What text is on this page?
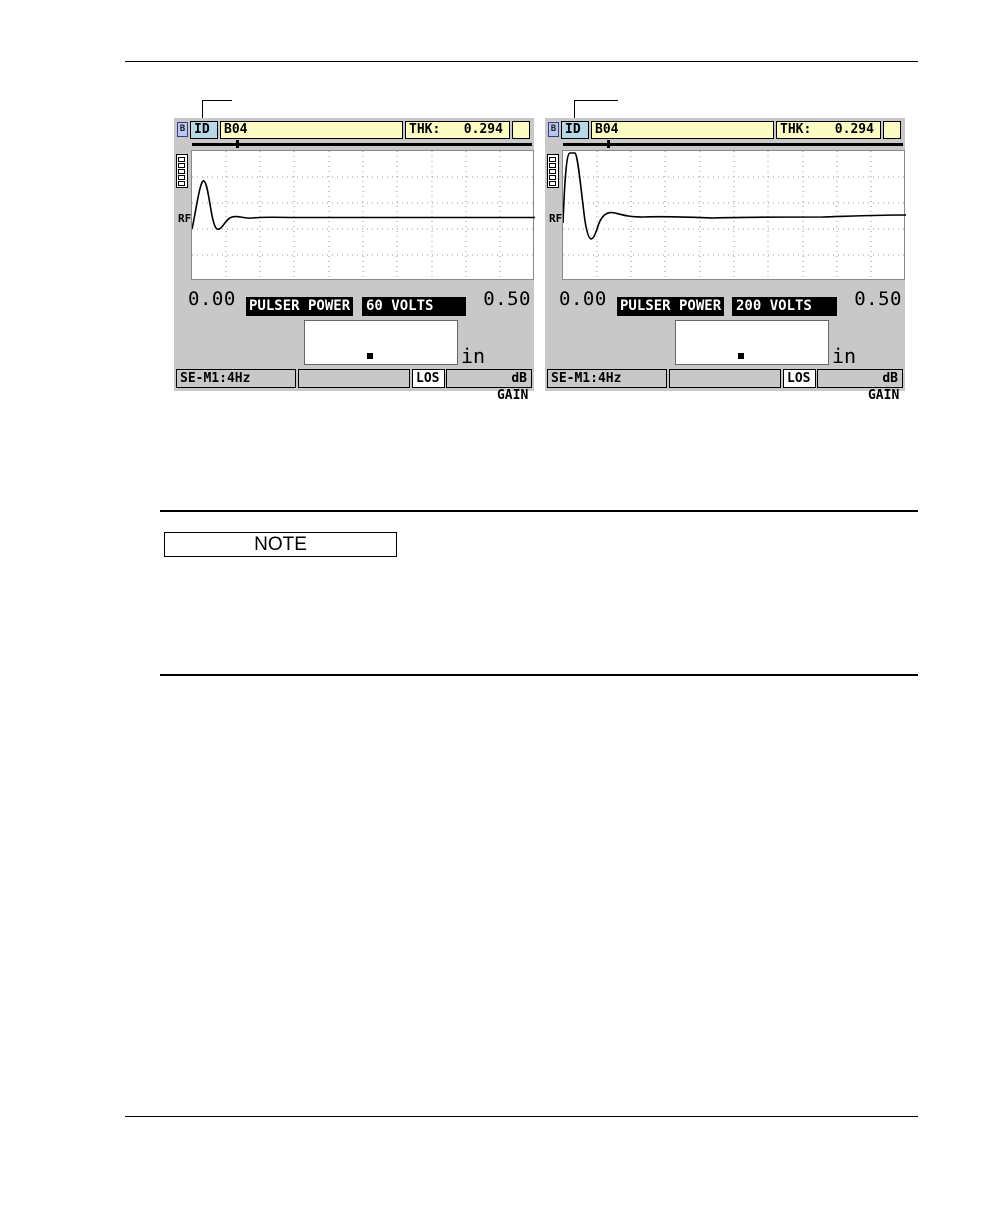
B ID	B04	THK:   0.294
RF
0.00	0.50
PULSER POWER 60 VOLTS
in
SE-M1:4Hz	LOS

GAIN

dB

B ID	B04	THK:   0.294
RF
0.00	0.50
PULSER POWER 200 VOLTS
in
SE-M1:4Hz	LOS

GAIN

dB

NOTE
